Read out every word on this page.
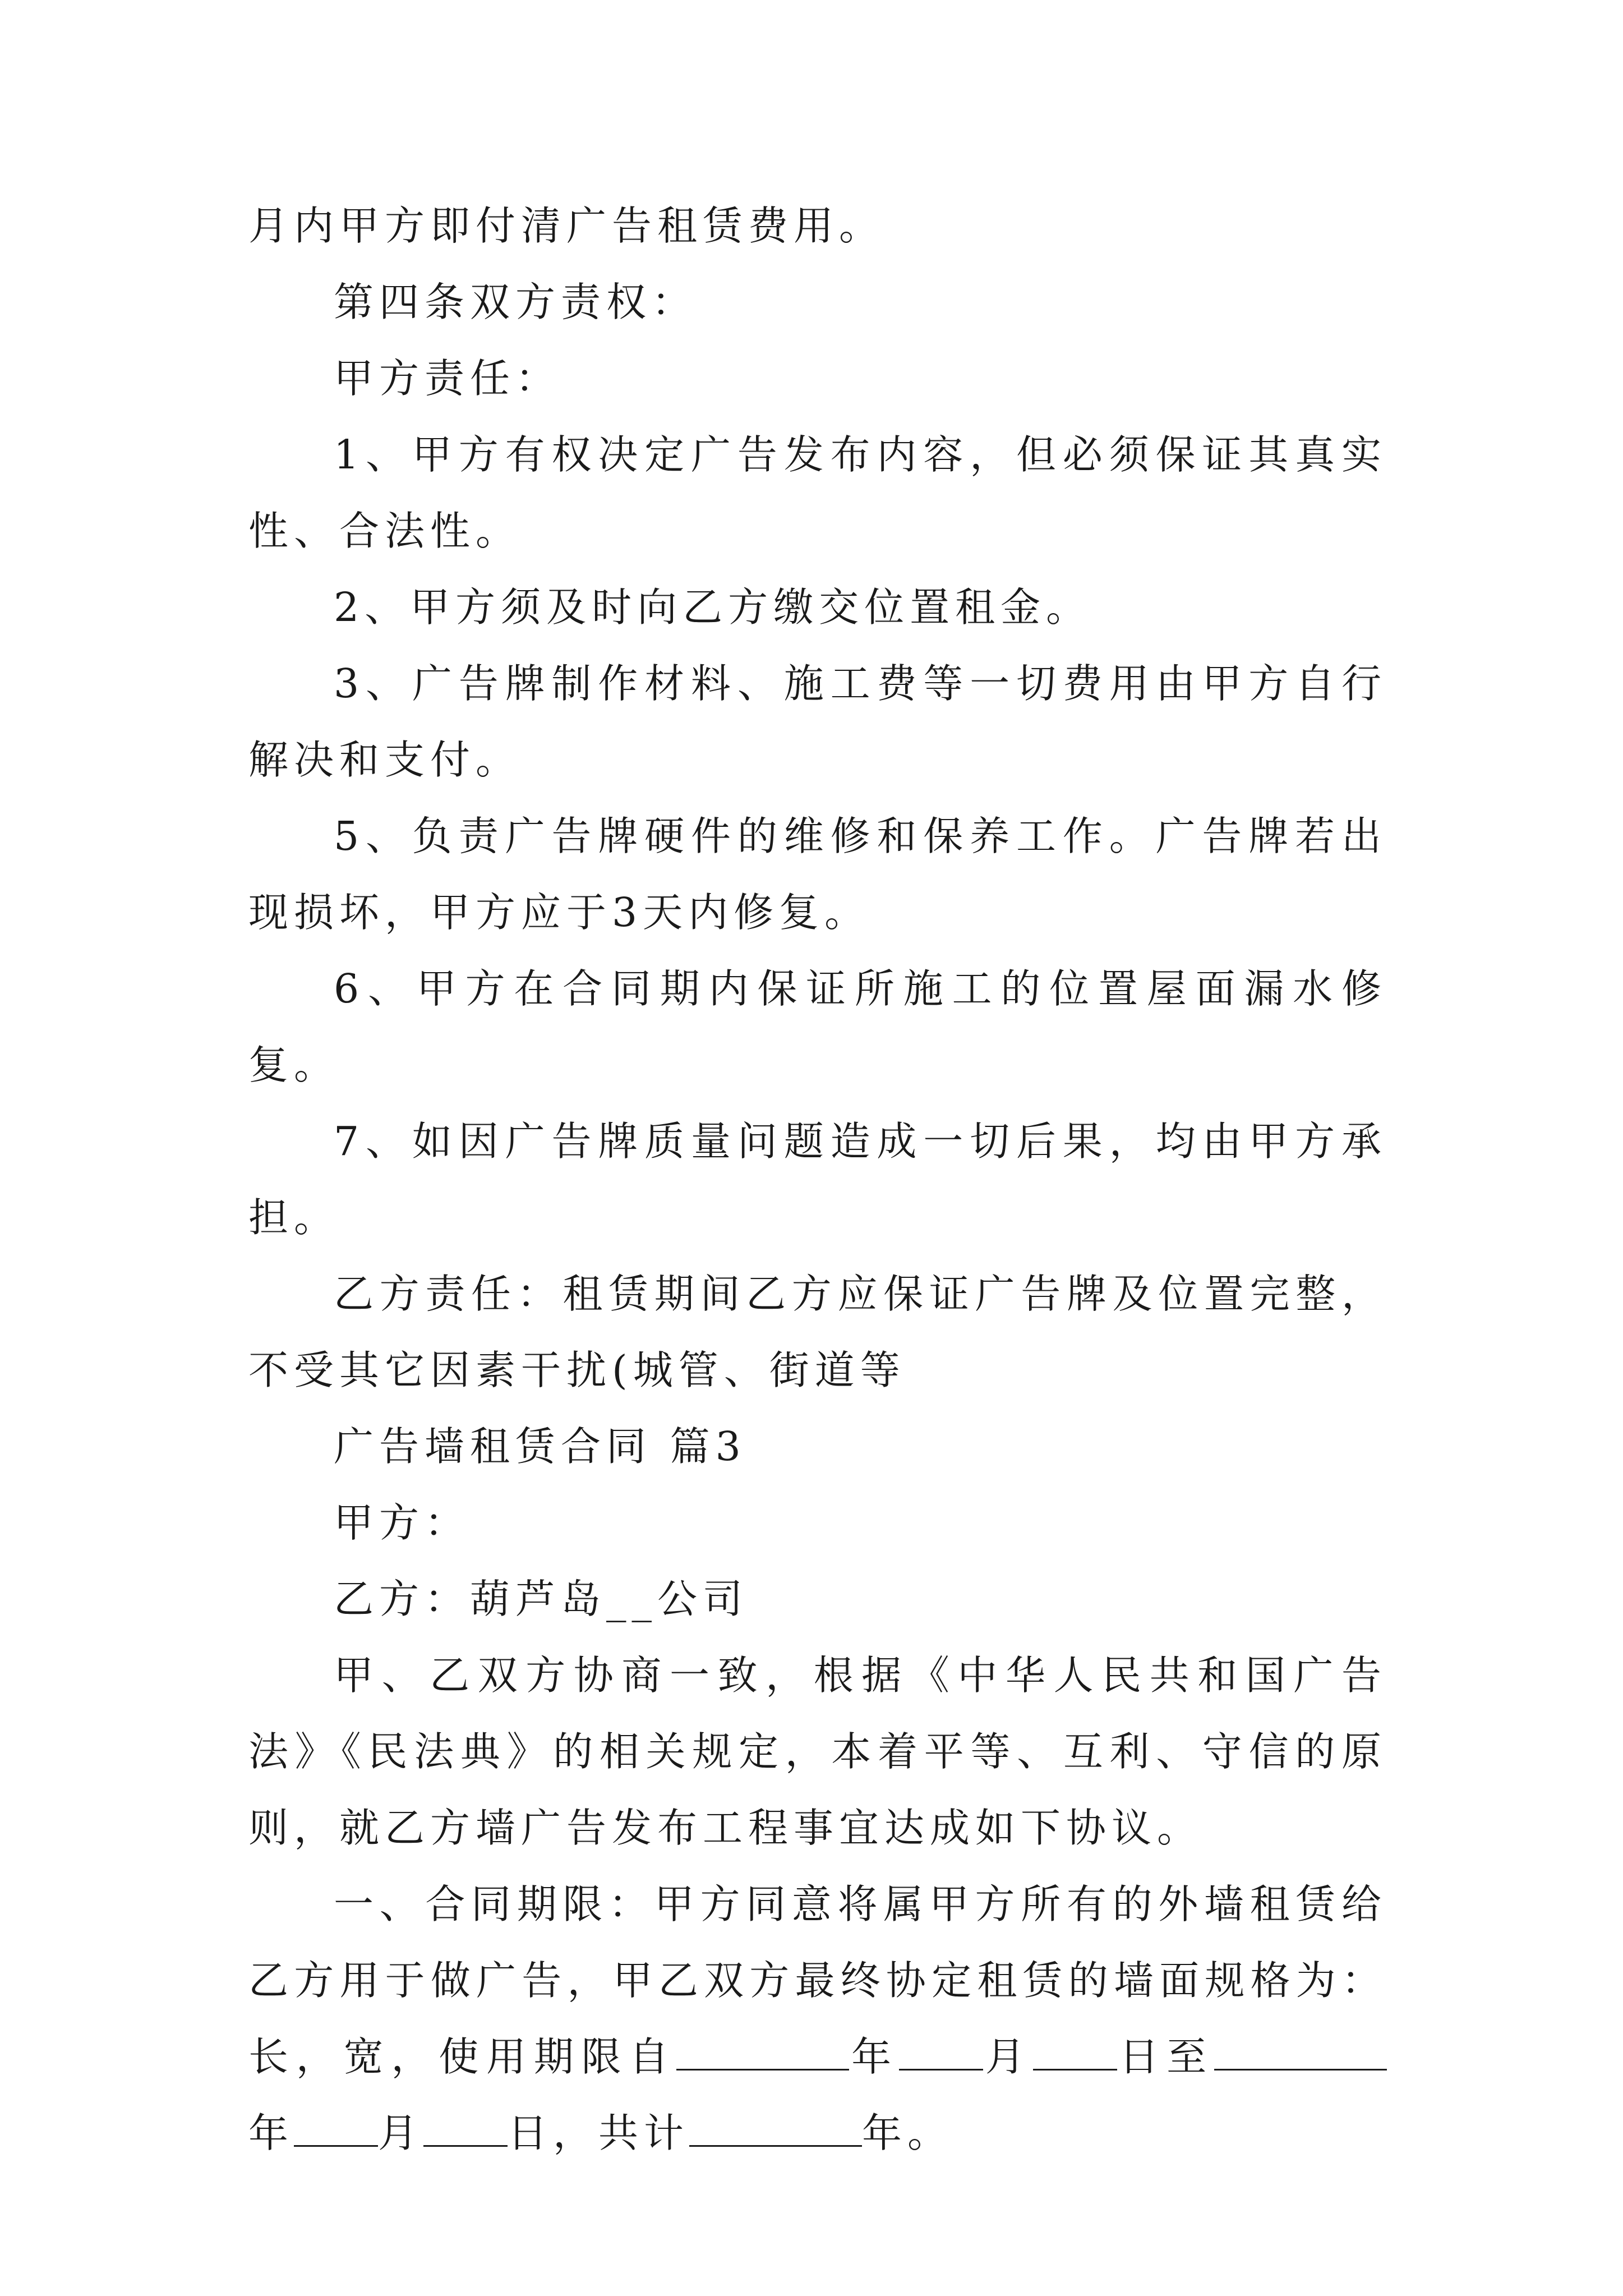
月内甲方即付清广告租赁费用。

第四条双方责权：

甲方责任：

1、甲方有权决定广告发布内容，但必须保证其真实性、合法性。

2、甲方须及时向乙方缴交位置租金。

3、广告牌制作材料、施工费等一切费用由甲方自行解决和支付。

5、负责广告牌硬件的维修和保养工作。广告牌若出现损坏，甲方应于3天内修复。

6、甲方在合同期内保证所施工的位置屋面漏水修复。

7、如因广告牌质量问题造成一切后果，均由甲方承担。

乙方责任：租赁期间乙方应保证广告牌及位置完整，不受其它因素干扰(城管、街道等

广告墙租赁合同 篇3

甲方：

乙方：葫芦岛__公司

甲、乙双方协商一致，根据《中华人民共和国广告法》《民法典》的相关规定，本着平等、互利、守信的原则，就乙方墙广告发布工程事宜达成如下协议。

一、合同期限：甲方同意将属甲方所有的外墙租赁给乙方用于做广告，甲乙双方最终协定租赁的墙面规格为：长，宽，使用期限自	年 月 日至年 月 日，共计	年。
